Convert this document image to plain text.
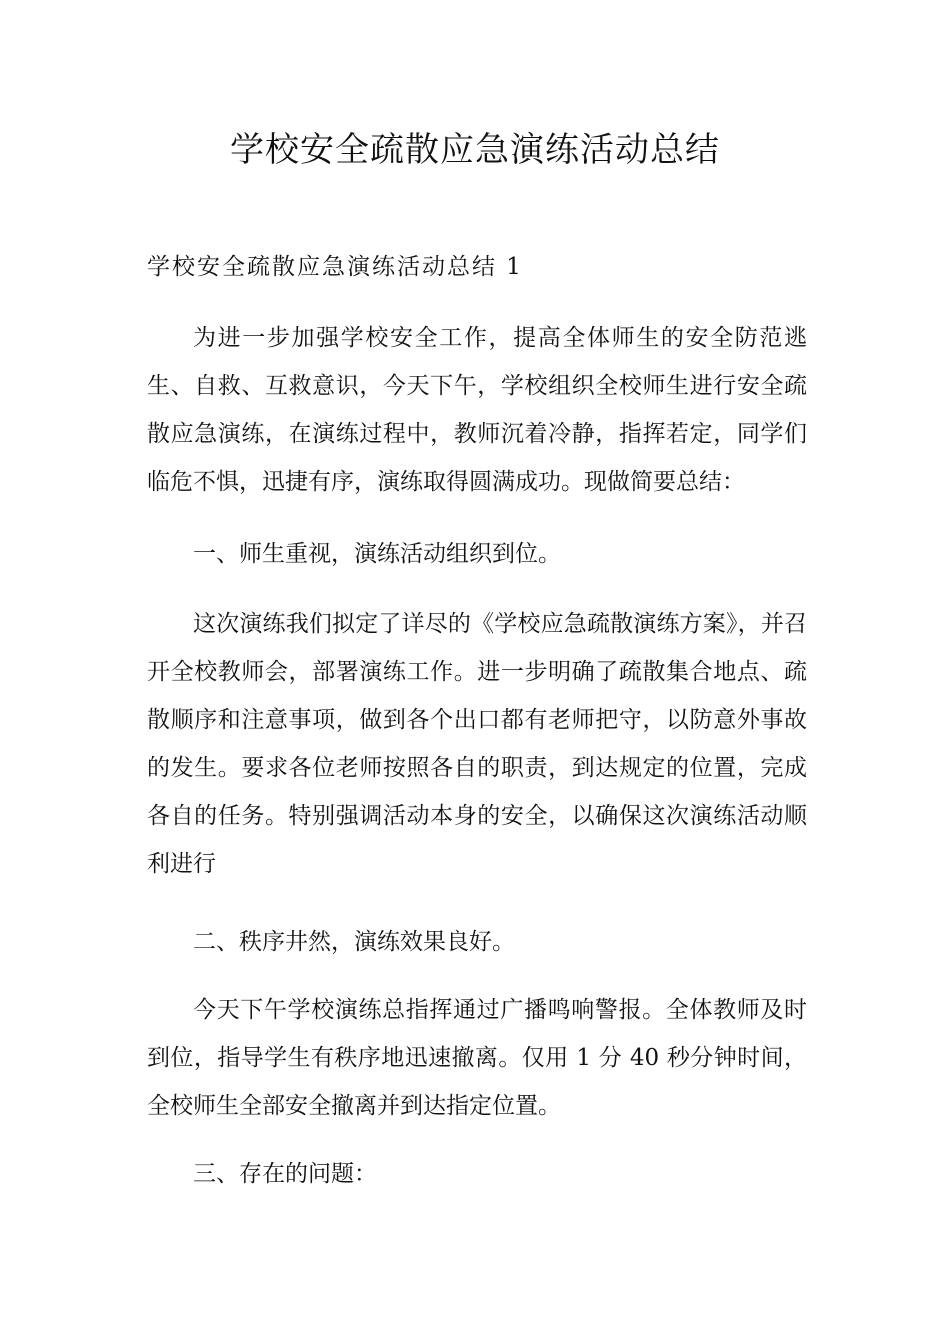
学校安全疏散应急演练活动总结
学校安全疏散应急演练活动总结 1

为进一步加强学校安全工作，提高全体师生的安全防范逃生、自救、互救意识，今天下午，学校组织全校师生进行安全疏散应急演练，在演练过程中，教师沉着冷静，指挥若定，同学们临危不惧，迅捷有序，演练取得圆满成功。现做简要总结：

一、师生重视，演练活动组织到位。

这次演练我们拟定了详尽的《学校应急疏散演练方案》，并召开全校教师会，部署演练工作。进一步明确了疏散集合地点、疏散顺序和注意事项，做到各个出口都有老师把守，以防意外事故的发生。要求各位老师按照各自的职责，到达规定的位置，完成各自的任务。特别强调活动本身的安全，以确保这次演练活动顺利进行

二、秩序井然，演练效果良好。

今天下午学校演练总指挥通过广播鸣响警报。全体教师及时到位，指导学生有秩序地迅速撤离。仅用 1 分 40 秒分钟时间，全校师生全部安全撤离并到达指定位置。

三、存在的问题：
